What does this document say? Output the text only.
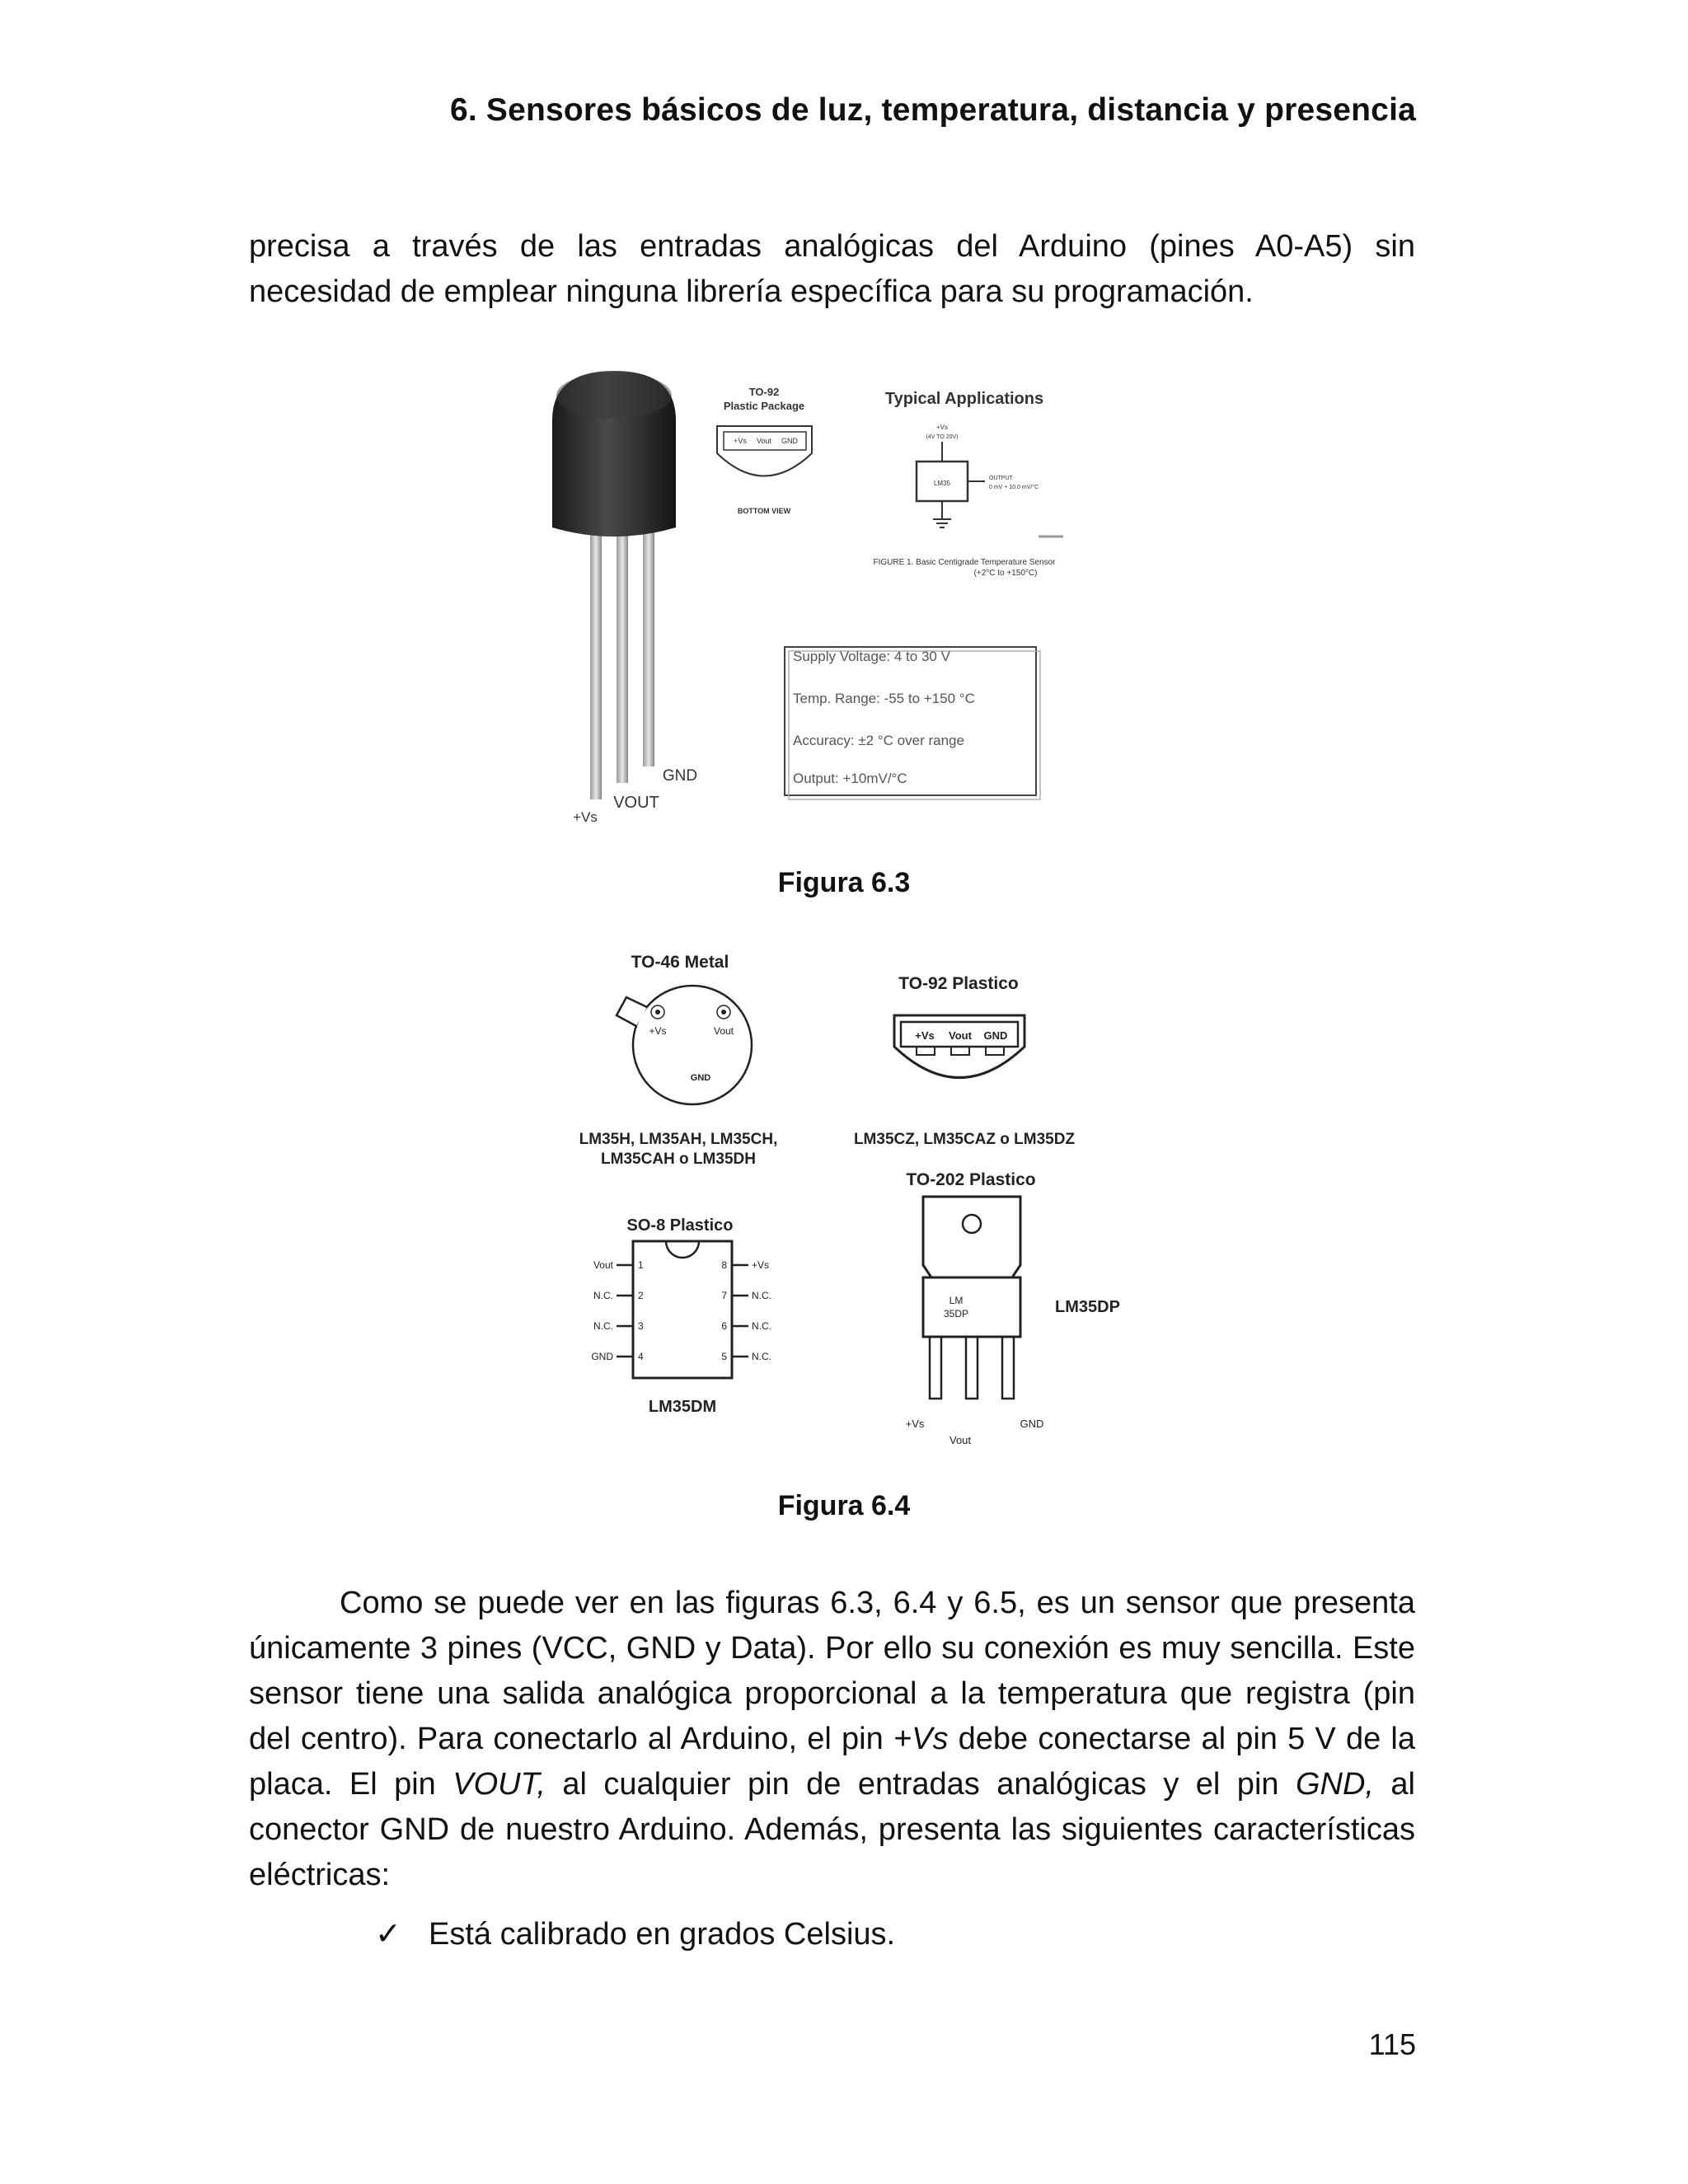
6. Sensores básicos de luz, temperatura, distancia y presencia
precisa a través de las entradas analógicas del Arduino (pines A0-A5) sin necesidad de emplear ninguna librería específica para su programación.
+Vs
VOUT
GND
TO-92
Plastic Package
+Vs Vout GND
BOTTOM VIEW
Typical Applications
+Vs
(4V TO 20V)
LM35
OUTPUT
0 mV + 10.0 mV/°C
FIGURE 1. Basic Centigrade Temperature Sensor
(+2°C to +150°C)
Supply Voltage: 4 to 30 V
Temp. Range: -55 to +150 °C
Accuracy: ±2 °C over range
Output: +10mV/°C
Figura 6.3
TO-46 Metal
+Vs	Vout
GND
LM35H, LM35AH, LM35CH,
LM35CAH o LM35DH
TO-92 Plastico
+Vs Vout GND
LM35CZ, LM35CAZ o LM35DZ
SO-8 Plastico
Vout
N.C.
N.C.
GND
1
2
3
4
8
7
6
5
+Vs
N.C.
N.C.
N.C.
LM35DM
TO-202 Plastico
LM
35DP	LM35DP
+Vs
Vout
GND
Figura 6.4
Como se puede ver en las figuras 6.3, 6.4 y 6.5, es un sensor que presenta únicamente 3 pines (VCC, GND y Data). Por ello su conexión es muy sencilla. Este sensor tiene una salida analógica proporcional a la temperatura que registra (pin del centro). Para conectarlo al Arduino, el pin +Vs debe conectarse al pin 5 V de la placa. El pin VOUT, al cualquier pin de entradas analógicas y el pin GND, al conector GND de nuestro Arduino. Además, presenta las siguientes características eléctricas:
✓ Está calibrado en grados Celsius.
115
